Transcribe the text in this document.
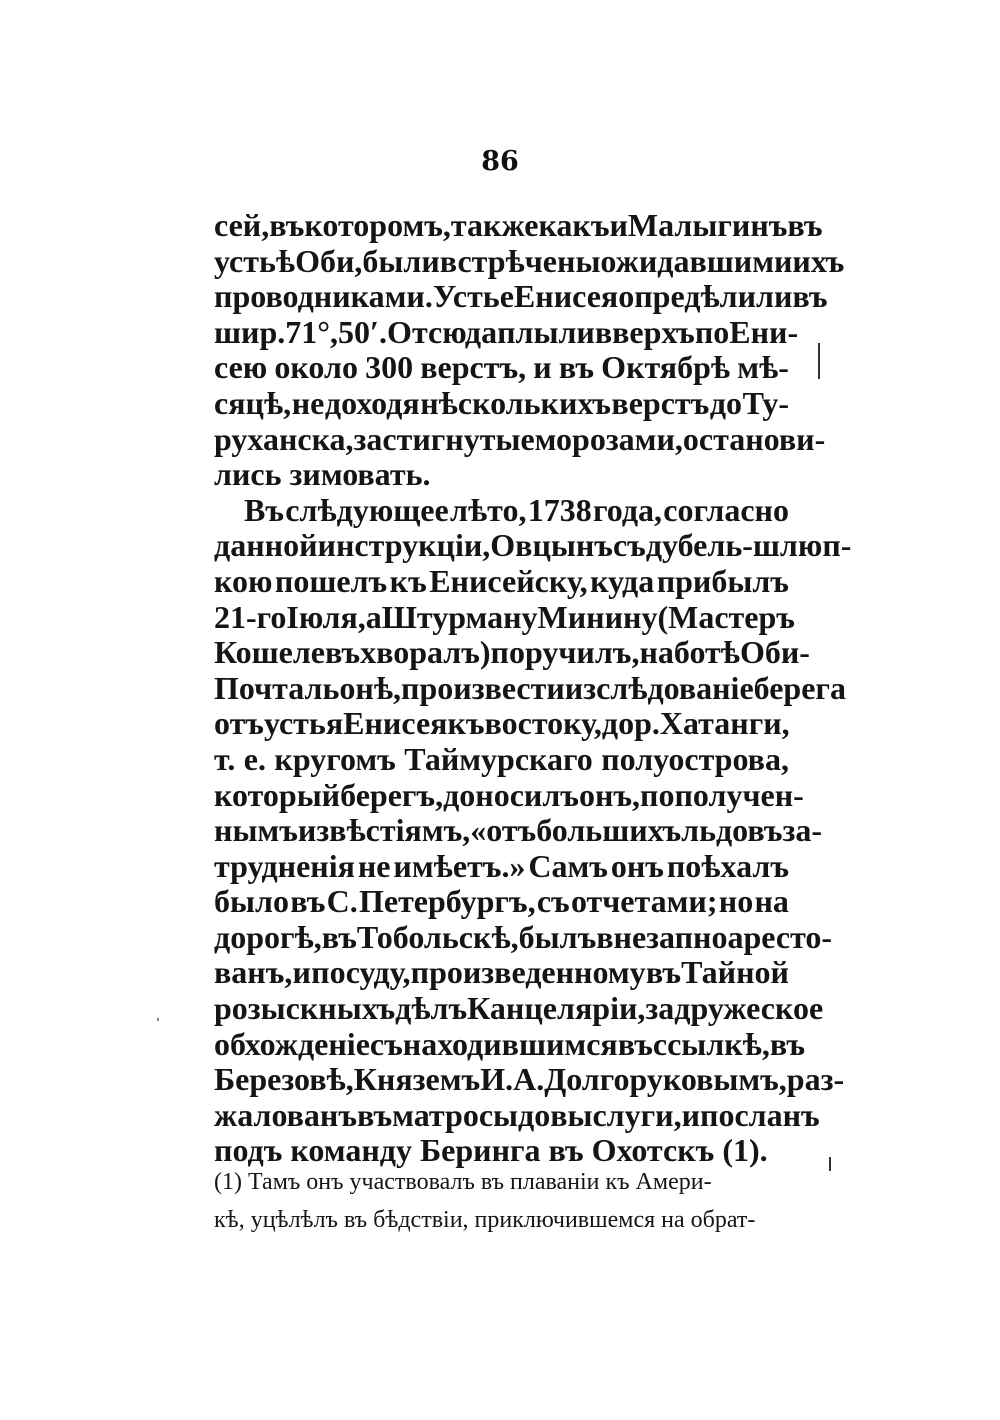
86
сей, въ которомъ, также какъ и Малыгинъ въ
устьѣ Оби, были встрѣчены ожидавшими ихъ
проводниками. Устье Енисея опредѣлили въ
шир. 71°,50′. Отсюда плыли вверхъ по Ени-
сею около 300 верстъ, и въ Октябрѣ мѣ-
сяцѣ, не доходя нѣсколькихъ верстъ до Ту-
руханска, застигнутые морозами, останови-
лись зимовать.
Въ слѣдующее лѣто, 1738 года, согласно
данной инструкціи, Овцынъ съ дубель-шлюп-
кою пошелъ къ Енисейску, куда прибылъ
21-го Іюля, а Штурману Минину (Мастеръ
Кошелевъ хворалъ) поручилъ, на ботѣ Оби-
Почтальонѣ, произвести изслѣдованіе берега
отъ устья Енисея къ востоку, до р. Хатанги,
т. е. кругомъ Таймурскаго полуострова,
который берегъ, доносилъ онъ, по получен-
нымъ извѣстіямъ, «отъ большихъ льдовъ за-
трудненія не имѣетъ.» Самъ онъ поѣхалъ
было въ С. Петербургъ, съ отчетами; но на
дорогѣ, въ Тобольскѣ, былъ внезапно аресто-
ванъ, и по суду, произведенному въ Тайной
розыскныхъ дѣлъ Канцеляріи, за дружеское
обхожденіе съ находившимся въ ссылкѣ, въ
Березовѣ, Княземъ И. А. Долгоруковымъ, раз-
жалованъ въ матросы до выслуги, и посланъ
подъ команду Беринга въ Охотскъ (1).
(1) Тамъ онъ участвовалъ въ плаваніи къ Амери-
кѣ, уцѣлѣлъ въ бѣдствіи, приключившемся на обрат-
